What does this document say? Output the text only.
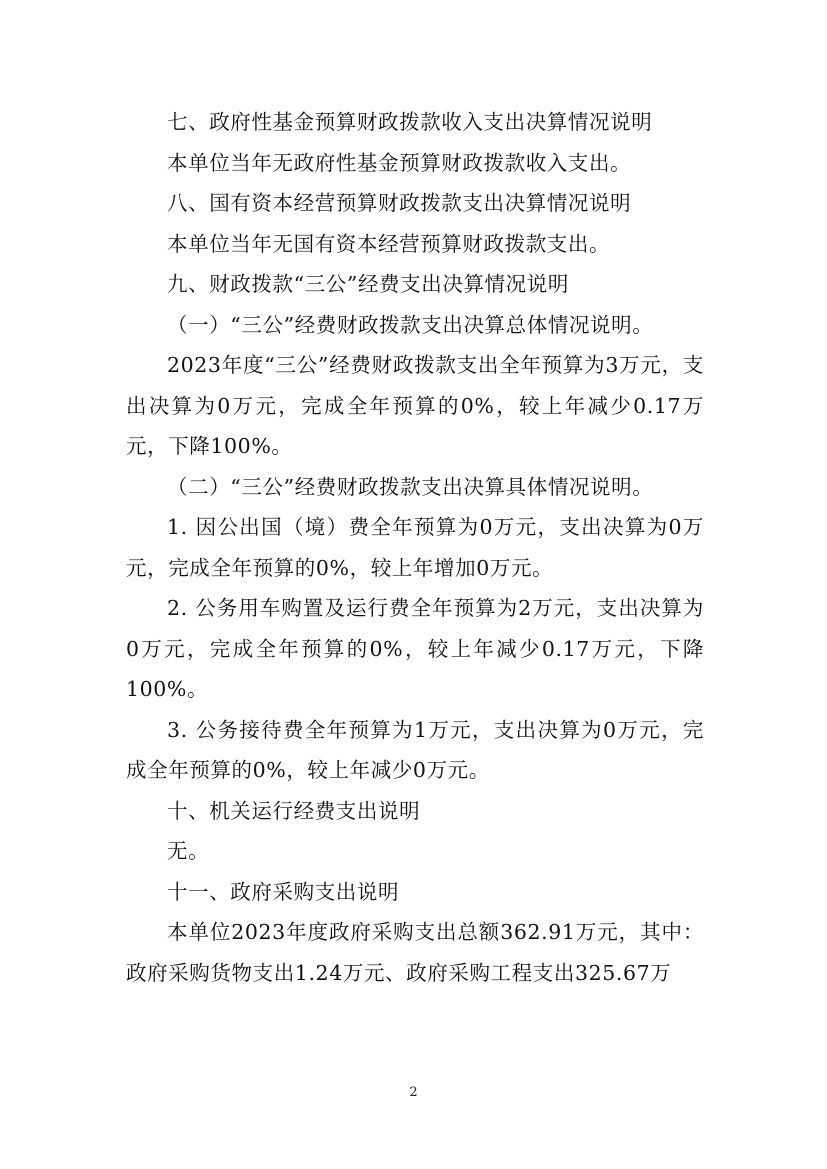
七、政府性基金预算财政拨款收入支出决算情况说明

本单位当年无政府性基金预算财政拨款收入支出。

八、国有资本经营预算财政拨款支出决算情况说明

本单位当年无国有资本经营预算财政拨款支出。

九、财政拨款“三公”经费支出决算情况说明

（一）“三公”经费财政拨款支出决算总体情况说明。

2023年度“三公”经费财政拨款支出全年预算为3万元，支出决算为0万元，完成全年预算的0%，较上年减少0.17万元，下降100%。

（二）“三公”经费财政拨款支出决算具体情况说明。

1. 因公出国（境）费全年预算为0万元，支出决算为0万元，完成全年预算的0%，较上年增加0万元。

2. 公务用车购置及运行费全年预算为2万元，支出决算为0万元，完成全年预算的0%，较上年减少0.17万元，下降100%。

3. 公务接待费全年预算为1万元，支出决算为0万元，完成全年预算的0%，较上年减少0万元。

十、机关运行经费支出说明

无。

十一、政府采购支出说明

本单位2023年度政府采购支出总额362.91万元，其中：政府采购货物支出1.24万元、政府采购工程支出325.67万

2
